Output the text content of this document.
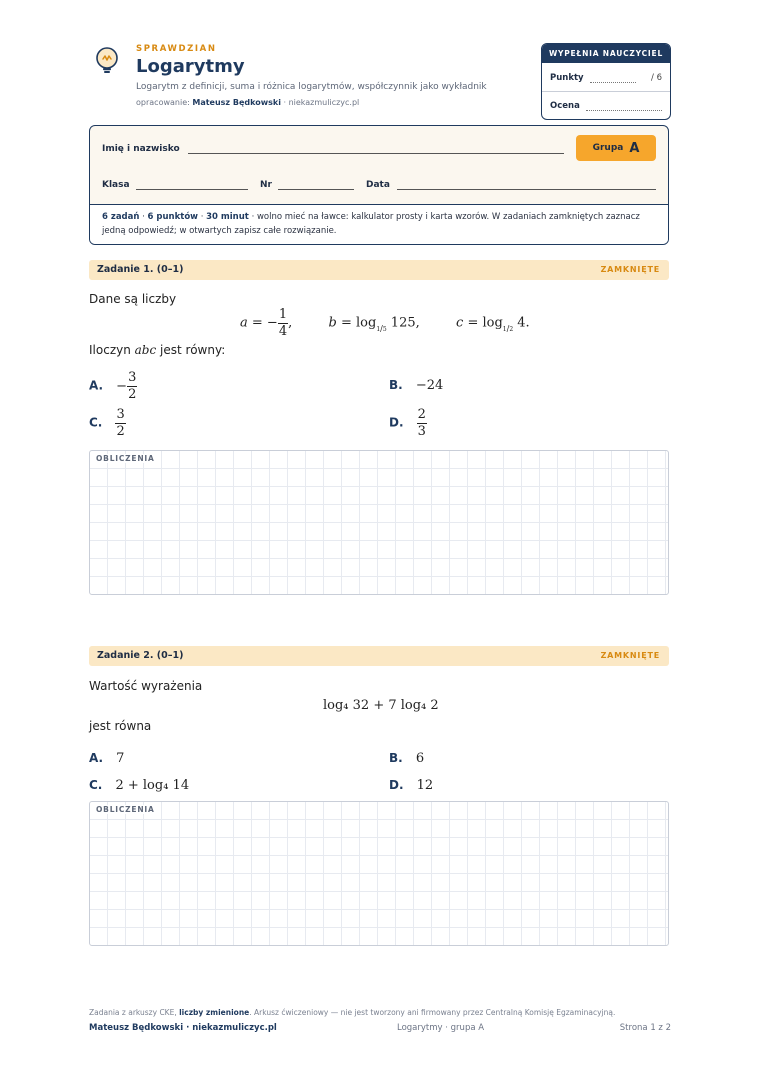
SPRAWDZIAN
Logarytmy
Logarytm z definicji, suma i różnica logarytmów, współczynnik jako wykładnik
opracowanie: Mateusz Będkowski · niekazmuliczyc.pl
WYPEŁNIA NAUCZYCIEL
Punkty	/ 6
Ocena
Imię i nazwisko	Grupa A
Klasa	Nr	Data
6 zadań · 6 punktów · 30 minut · wolno mieć na ławce: kalkulator prosty i karta wzorów. W zadaniach zamkniętych zaznacz jedną odpowiedź; w otwartych zapisz całe rozwiązanie.
Zadanie 1. (0–1)	ZAMKNIĘTE
Dane są liczby
a = − $\frac{1}{4}$ ,  $b = \log_{1/5} 125$,  $c = \log_{1/2} 4$.
Iloczyn abc jest równy:
A. − $\frac{3}{2}$	B. −24
C. $\frac{3}{2}$	D. $\frac{2}{3}$
OBLICZENIA
Zadanie 2. (0–1)	ZAMKNIĘTE
Wartość wyrażenia
log₄ 32 + 7 log₄ 2
jest równa
A. 7	B. 6
C. 2 + log₄ 14	D. 12
OBLICZENIA
Zadania z arkuszy CKE, liczby zmienione. Arkusz ćwiczeniowy — nie jest tworzony ani firmowany przez Centralną Komisję Egzaminacyjną.
Mateusz Będkowski · niekazmuliczyc.pl	Logarytmy · grupa A	Strona 1 z 2
